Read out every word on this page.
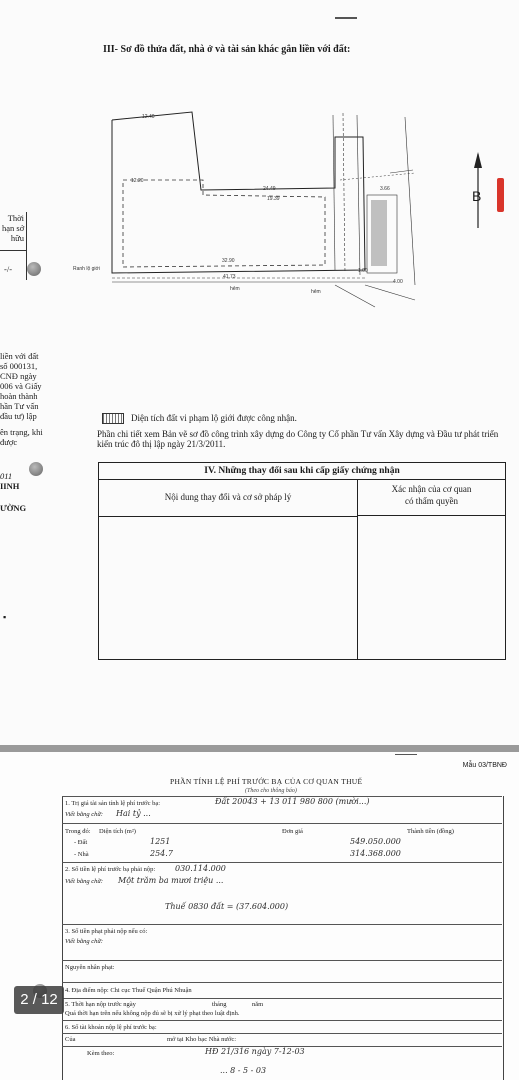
III- Sơ đồ thửa đất, nhà ở và tài sản khác gắn liền với đất:
Thời
hạn sở
hữu
-/-
liền với đất
số 000131,
CNĐ ngày
006 và Giấy
hoàn thành
hần Tư vấn
đầu tư) lập
ên trạng, khi
được
011
IINH
ƯỜNG
12.40
12.20
24.49
19.39
32.90
41.73
3.66
4.00
1.00
Ranh lộ giới
hẻm	hẻm
B
Diện tích đất vi phạm lộ giới được công nhận.
Phần chi tiết xem Bản vẽ sơ đồ công trình xây dựng do Công ty Cổ phần Tư vấn Xây dựng và Đầu tư phát triển kiến trúc đô thị lập ngày 21/3/2011.
IV. Những thay đổi sau khi cấp giấy chứng nhận
Nội dung thay đổi và cơ sở pháp lý
Xác nhận của cơ quan
có thẩm quyền
▪
Mẫu 03/TBNĐ
PHẦN TÍNH LỆ PHÍ TRƯỚC BẠ CỦA CƠ QUAN THUẾ
(Theo cho thông báo)
1. Trị giá tài sản tính lệ phí trước bạ:	Đất 20043 + 13 011 980 800 (mười...)
Viết bằng chữ: Hai tỷ ...
Trong đó: Diện tích (m²)	Đơn giá	Thành tiền (đồng)
- Đất	1251	549.050.000
- Nhà	254.7	314.368.000
2. Số tiền lệ phí trước bạ phải nộp: 030.114.000
Viết bằng chữ: Một trăm ba mươi triệu ...
Thuế 0830 đất = (37.604.000)
3. Số tiền phạt phải nộp nếu có:
Viết bằng chữ:
Nguyên nhân phạt:
4. Địa điểm nộp: Chi cục Thuế Quận Phú Nhuận
5. Thời hạn nộp trước ngày	tháng	năm
Quá thời hạn trên nếu không nộp đủ sẽ bị xử lý phạt theo luật định.
6. Số tài khoản nộp lệ phí trước bạ:
Của	mở tại Kho bạc Nhà nước:
Kèm theo:	HĐ 21/316 ngày 7-12-03
... 8 - 5 - 03
2 / 12
